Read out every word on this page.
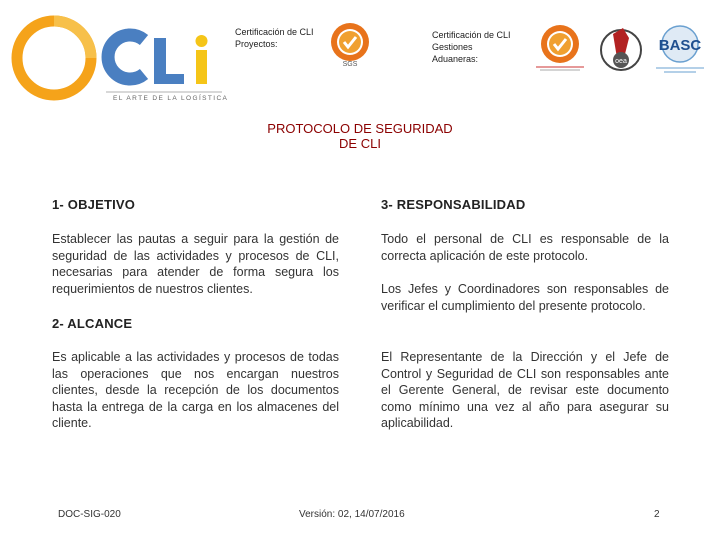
EL ARTE DE LA LOGÍSTICA
Certificación de CLI
Proyectos:
SGS
Certificación de CLI
Gestiones
Aduaneras:	oea
BASC
PROTOCOLO DE SEGURIDAD
DE CLI
1- OBJETIVO
Establecer las pautas a seguir para la gestión de seguridad de las actividades y procesos de CLI, necesarias para atender de forma segura los requerimientos de nuestros clientes.
2- ALCANCE
Es aplicable a las actividades y procesos de todas las operaciones que nos encargan nuestros clientes, desde la recepción de los documentos hasta la entrega de la carga en los almacenes del cliente.
3- RESPONSABILIDAD
Todo el personal de CLI es responsable de la correcta aplicación de este protocolo.
Los Jefes y Coordinadores son responsables de verificar el cumplimiento del presente protocolo.
El Representante de la Dirección y el Jefe de Control y Seguridad de CLI son responsables ante el Gerente General, de revisar este documento como mínimo una vez al año para asegurar su aplicabilidad.
DOC-SIG-020	Versión: 02, 14/07/2016	2
